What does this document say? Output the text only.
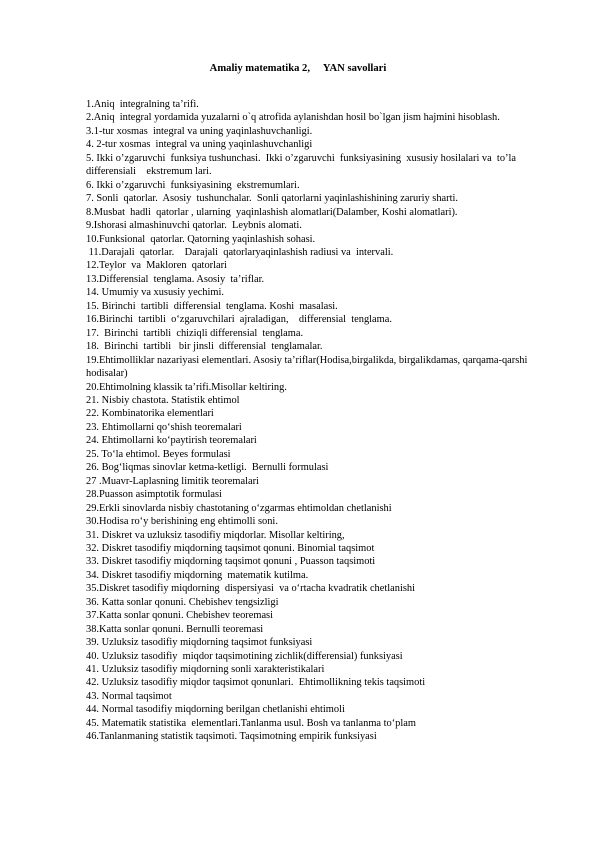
Amaliy matematika 2,     YAN savollari

1.Aniq  integralning ta’rifi.

2.Aniq  integral yordamida yuzalarni o`q atrofida aylanishdan hosil bo`lgan jism hajmini hisoblash.

3.1-tur xosmas  integral va uning yaqinlashuvchanligi.

4. 2-tur xosmas  integral va uning yaqinlashuvchanligi

5. Ikki o’zgaruvchi  funksiya tushunchasi.  Ikki o’zgaruvchi  funksiyasining  xususiy hosilalari va  to’la differensiali    ekstremum lari.

6. Ikki o’zgaruvchi  funksiyasining  ekstremumlari.

7. Sonli  qatorlar.  Asosiy  tushunchalar.  Sonli qatorlarni yaqinlashishining zaruriy sharti.

8.Musbat  hadli  qatorlar , ularning  yaqinlashish alomatlari(Dalamber, Koshi alomatlari).

9.Ishorasi almashinuvchi qatorlar.  Leybnis alomati.

10.Funksional  qatorlar. Qatorning yaqinlashish sohasi.

11.Darajali  qatorlar.    Darajali  qatorlaryaqinlashish radiusi va  intervali.

12.Teylor  va  Makloren  qatorlari

13.Differensial  tenglama. Asosiy  ta’riflar.

14. Umumiy va xususiy yechimi.

15. Birinchi  tartibli  differensial  tenglama. Koshi  masalasi.

16.Birinchi  tartibli  o‘zgaruvchilari  ajraladigan,    differensial  tenglama.

17.  Birinchi  tartibli  chiziqli differensial  tenglama.

18.  Birinchi  tartibli   bir jinsli  differensial  tenglamalar.

19.Ehtimolliklar nazariyasi elementlari. Asosiy ta’riflar(Hodisa,birgalikda, birgalikdamas, qarqama-qarshi hodisalar)

20.Ehtimolning klassik ta’rifi.Misollar keltiring.

21. Nisbiy chastota. Statistik ehtimol

22. Kombinatorika elementlari

23. Ehtimollarni qo‘shish teoremalari

24. Ehtimollarni ko‘paytirish teoremalari

25. To‘la ehtimol. Beyes formulasi

26. Bog‘liqmas sinovlar ketma-ketligi.  Bernulli formulasi

27 .Muavr-Laplasning limitik teoremalari

28.Puasson asimptotik formulasi

29.Erkli sinovlarda nisbiy chastotaning o‘zgarmas ehtimoldan chetlanishi

30.Hodisa ro‘y berishining eng ehtimolli soni.

31. Diskret va uzluksiz tasodifiy miqdorlar. Misollar keltiring,

32. Diskret tasodifiy miqdorning taqsimot qonuni. Binomial taqsimot

33. Diskret tasodifiy miqdorning taqsimot qonuni , Puasson taqsimoti

34. Diskret tasodifiy miqdorning  matematik kutilma.

35.Diskret tasodifiy miqdorning  dispersiyasi  va o‘rtacha kvadratik chetlanishi

36. Katta sonlar qonuni. Chebishev tengsizligi

37.Katta sonlar qonuni. Chebishev teoremasi

38.Katta sonlar qonuni. Bernulli teoremasi

39. Uzluksiz tasodifiy miqdorning taqsimot funksiyasi

40. Uzluksiz tasodifiy  miqdor taqsimotining zichlik(differensial) funksiyasi

41. Uzluksiz tasodifiy miqdorning sonli xarakteristikalari

42. Uzluksiz tasodifiy miqdor taqsimot qonunlari.  Ehtimollikning tekis taqsimoti

43. Normal taqsimot

44. Normal tasodifiy miqdorning berilgan chetlanishi ehtimoli

45. Matematik statistika  elementlari.Tanlanma usul. Bosh va tanlanma to‘plam

46.Tanlanmaning statistik taqsimoti. Taqsimotning empirik funksiyasi
